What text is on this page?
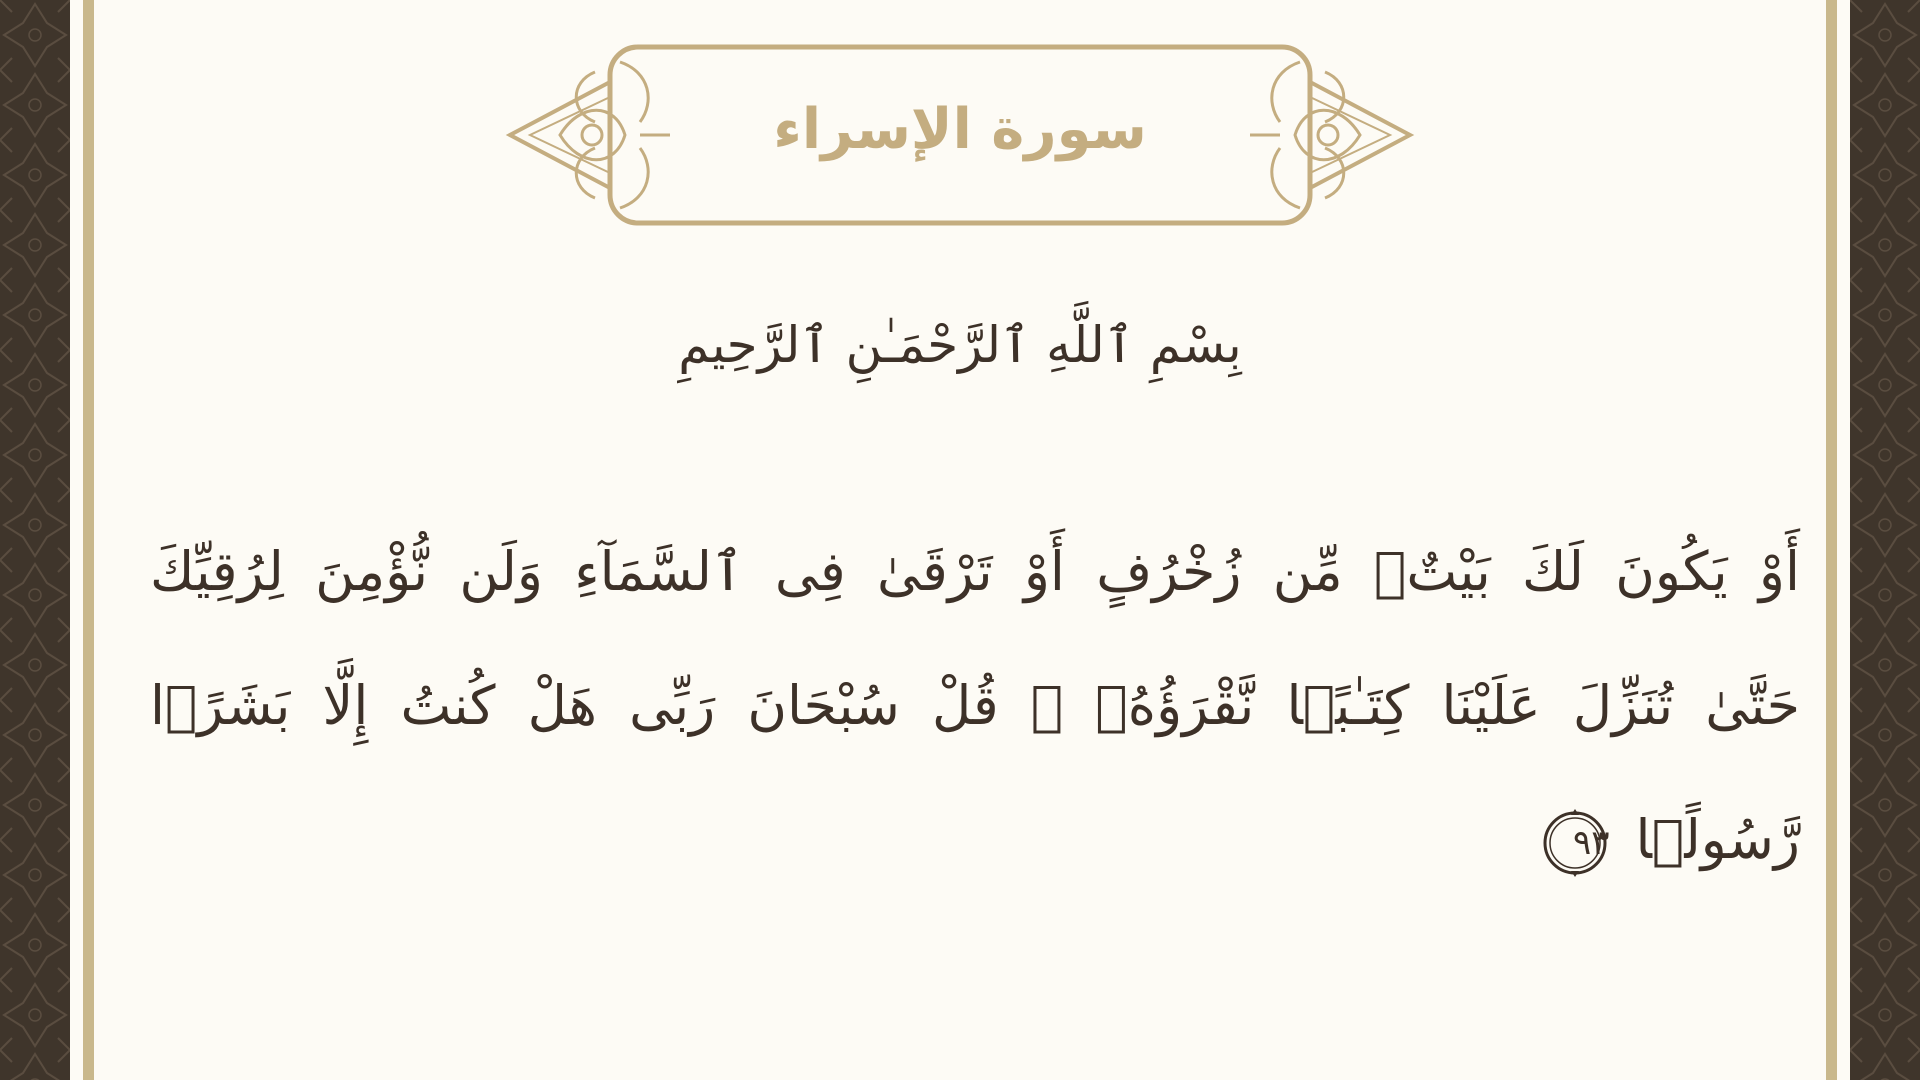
سورة الإسراء
بِسْمِ ٱللَّهِ ٱلرَّحْمَـٰنِ ٱلرَّحِيمِ
أَوْ يَكُونَ لَكَ بَيْتٌۭ مِّن زُخْرُفٍ أَوْ تَرْقَىٰ فِى ٱلسَّمَآءِ وَلَن نُّؤْمِنَ لِرُقِيِّكَ
حَتَّىٰ تُنَزِّلَ عَلَيْنَا كِتَـٰبًۭا نَّقْرَؤُهُۥ ۗ قُلْ سُبْحَانَ رَبِّى هَلْ كُنتُ إِلَّا بَشَرًۭا
رَّسُولًۭا
٩٣
